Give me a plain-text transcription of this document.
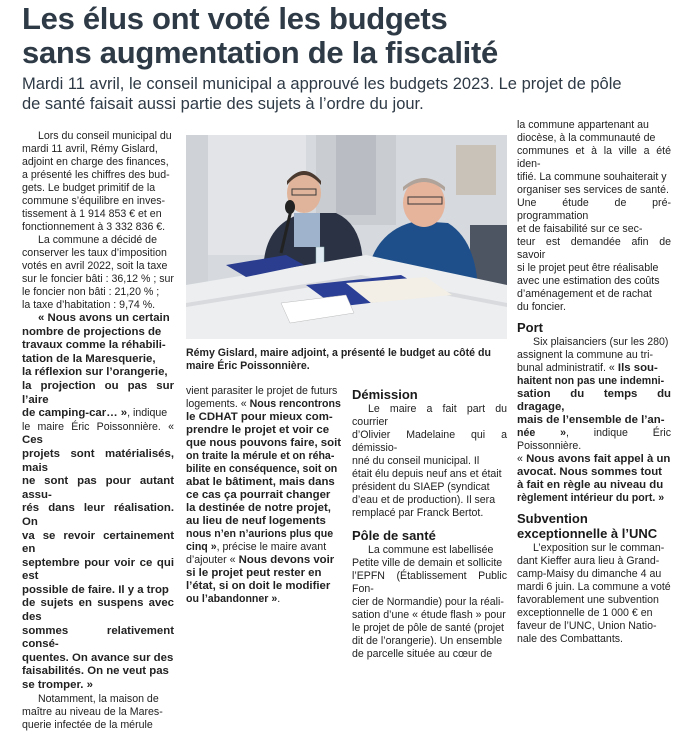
Les élus ont voté les budgets
sans augmentation de la fiscalité
Mardi 11 avril, le conseil municipal a approuvé les budgets 2023. Le projet de pôle
de santé faisait aussi partie des sujets à l’ordre du jour.
Lors du conseil municipal du
mardi 11 avril, Rémy Gislard,
adjoint en charge des finances,
a présenté les chiffres des bud-
gets. Le budget primitif de la
commune s’équilibre en inves-
tissement à 1 914 853 € et en
fonctionnement à 3 332 836 €.
La commune a décidé de
conserver les taux d’imposition
votés en avril 2022, soit la taxe
sur le foncier bâti : 36,12 % ; sur
le foncier non bâti : 21,20 % ;
la taxe d’habitation : 9,74 %.
« Nous avons un certain
nombre de projections de
travaux comme la réhabili-
tation de la Maresquerie,
la réflexion sur l’orangerie,
la projection ou pas sur l’aire
de camping-car… », indique
le maire Éric Poissonnière. « Ces
projets sont matérialisés, mais
ne sont pas pour autant assu-
rés dans leur réalisation. On
va se revoir certainement en
septembre pour voir ce qui est
possible de faire. Il y a trop
de sujets en suspens avec des
sommes relativement consé-
quentes. On avance sur des
faisabilités. On ne veut pas
se tromper. »
Notamment, la maison de
maître au niveau de la Mares-
querie infectée de la mérule
Rémy Gislard, maire adjoint, a présenté le budget au côté du
maire Éric Poissonnière.
vient parasiter le projet de futurs
logements. « Nous rencontrons
le CDHAT pour mieux com-
prendre le projet et voir ce
que nous pouvons faire, soit
on traite la mérule et on réha-
bilite en conséquence, soit on
abat le bâtiment, mais dans
ce cas ça pourrait changer
la destinée de notre projet,
au lieu de neuf logements
nous n’en n’aurions plus que
cinq », précise le maire avant
d’ajouter « Nous devons voir
si le projet peut rester en
l’état, si on doit le modifier
ou l’abandonner ».
Démission
Le maire a fait part du courrier
d’Olivier Madelaine qui a démissio-
nné du conseil municipal. Il
était élu depuis neuf ans et était
président du SIAEP (syndicat
d’eau et de production). Il sera
remplacé par Franck Bertot.
Pôle de santé
La commune est labellisée
Petite ville de demain et sollicite
l’EPFN (Établissement Public Fon-
cier de Normandie) pour la réali-
sation d’une « étude flash » pour
le projet de pôle de santé (projet
dit de l’orangerie). Un ensemble
de parcelle située au cœur de
la commune appartenant au
diocèse, à la communauté de
communes et à la ville a été iden-
tifié. La commune souhaiterait y
organiser ses services de santé.
Une étude de pré-programmation
et de faisabilité sur ce sec-
teur est demandée afin de savoir
si le projet peut être réalisable
avec une estimation des coûts
d’aménagement et de rachat
du foncier.
Port
Six plaisanciers (sur les 280)
assignent la commune au tri-
bunal administratif. « Ils sou-
haitent non pas une indemni-
sation du temps du dragage,
mais de l’ensemble de l’an-
née », indique Éric Poissonnière.
« Nous avons fait appel à un
avocat. Nous sommes tout
à fait en règle au niveau du
règlement intérieur du port. »
Subvention
exceptionnelle à l’UNC
L’exposition sur le comman-
dant Kieffer aura lieu à Grand-
camp-Maisy du dimanche 4 au
mardi 6 juin. La commune a voté
favorablement une subvention
exceptionnelle de 1 000 € en
faveur de l’UNC, Union Natio-
nale des Combattants.
